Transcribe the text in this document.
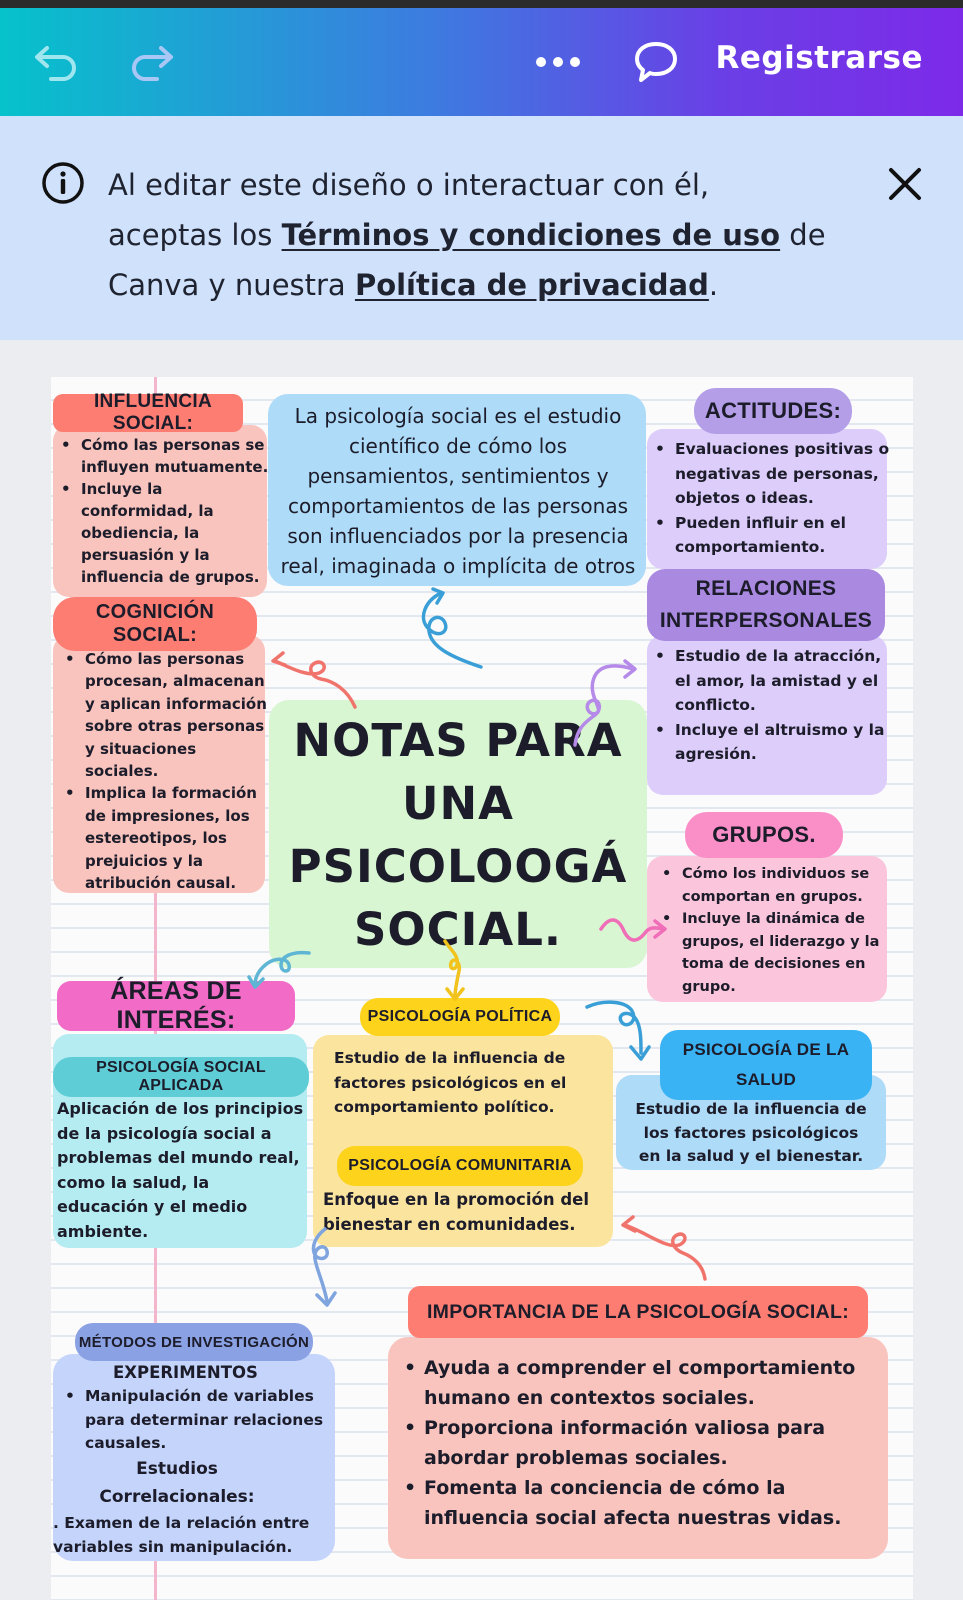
Registrarse
Al editar este diseño o interactuar con él, aceptas los Términos y condiciones de uso de Canva y nuestra Política de privacidad.
INFLUENCIA SOCIAL:
• Cómo las personas se influyen mutuamente.
• Incluye la conformidad, la obediencia, la persuasión y la influencia de grupos.
La psicología social es el estudio científico de cómo los pensamientos, sentimientos y comportamientos de las personas son influenciados por la presencia real, imaginada o implícita de otros
ACTITUDES:
• Evaluaciones positivas o negativas de personas, objetos o ideas.
• Pueden influir en el comportamiento.
COGNICIÓN SOCIAL:
• Cómo las personas procesan, almacenan y aplican información sobre otras personas y situaciones sociales.
• Implica la formación de impresiones, los estereotipos, los prejuicios y la atribución causal.
RELACIONES
INTERPERSONALES
• Estudio de la atracción, el amor, la amistad y el conflicto.
• Incluye el altruismo y la agresión.
NOTAS PARA
UNA
PSICOLOOGÁ
SOCIAL.
GRUPOS.
• Cómo los individuos se comportan en grupos.
• Incluye la dinámica de grupos, el liderazgo y la toma de decisiones en grupo.
ÁREAS DE INTERÉS:
PSICOLOGÍA SOCIAL APLICADA
Aplicación de los principios de la psicología social a problemas del mundo real, como la salud, la educación y el medio ambiente.
PSICOLOGÍA POLÍTICA
Estudio de la influencia de factores psicológicos en el comportamiento político.
PSICOLOGÍA COMUNITARIA
Enfoque en la promoción del bienestar en comunidades.
PSICOLOGÍA DE LA SALUD
Estudio de la influencia de los factores psicológicos en la salud y el bienestar.
IMPORTANCIA DE LA PSICOLOGÍA SOCIAL:
• Ayuda a comprender el comportamiento humano en contextos sociales.
• Proporciona información valiosa para abordar problemas sociales.
• Fomenta la conciencia de cómo la influencia social afecta nuestras vidas.
MÉTODOS DE INVESTIGACIÓN
EXPERIMENTOS
• Manipulación de variables para determinar relaciones causales.
Estudios Correlacionales:
. Examen de la relación entre variables sin manipulación.
